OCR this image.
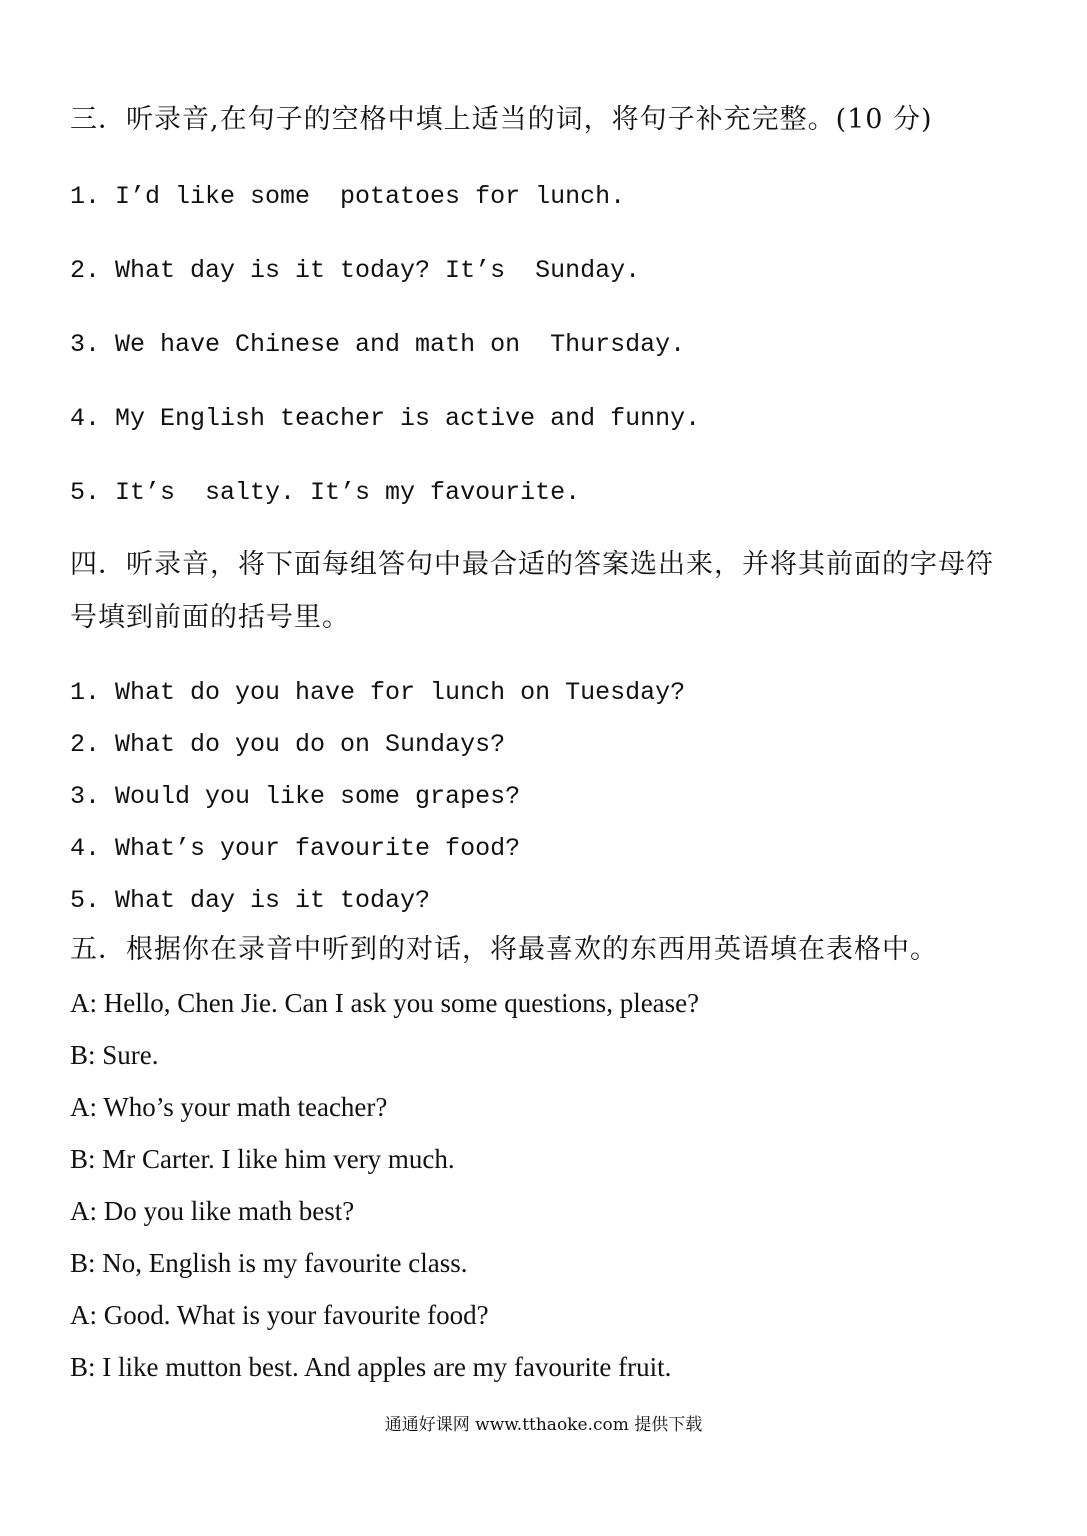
三．听录音,在句子的空格中填上适当的词，将句子补充完整。(10 分)
1. I’d like some  potatoes for lunch.
2. What day is it today? It’s  Sunday.
3. We have Chinese and math on  Thursday.
4. My English teacher is active and funny.
5. It’s  salty. It’s my favourite.
四．听录音，将下面每组答句中最合适的答案选出来，并将其前面的字母符
号填到前面的括号里。
1. What do you have for lunch on Tuesday?
2. What do you do on Sundays?
3. Would you like some grapes?
4. What’s your favourite food?
5. What day is it today?
五．根据你在录音中听到的对话，将最喜欢的东西用英语填在表格中。
A: Hello, Chen Jie. Can I ask you some questions, please?
B: Sure.
A: Who’s your math teacher?
B: Mr Carter. I like him very much.
A: Do you like math best?
B: No, English is my favourite class.
A: Good. What is your favourite food?
B: I like mutton best. And apples are my favourite fruit.
通通好课网 www.tthaoke.com 提供下载
